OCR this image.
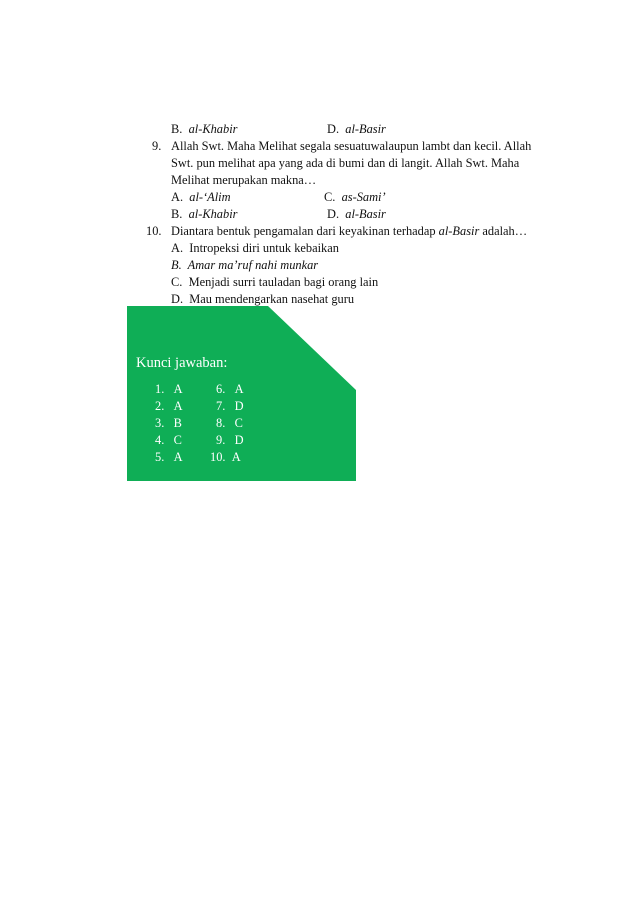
B. al-Khabir	D. al-Basir
9. Allah Swt. Maha Melihat segala sesuatuwalaupun lambt dan kecil. Allah
Swt. pun melihat apa yang ada di bumi dan di langit. Allah Swt. Maha
Melihat merupakan makna…
A. al-‘Alim	C. as-Sami’
B. al-Khabir	D. al-Basir
10. Diantara bentuk pengamalan dari keyakinan terhadap al-Basir adalah…
A. Intropeksi diri untuk kebaikan
B. Amar ma’ruf nahi munkar
C. Menjadi surri tauladan bagi orang lain
D. Mau mendengarkan nasehat guru
Kunci jawaban:
1. A
2. A
3. B
4. C
5. A
6. A
7. D
8. C
9. D
10. A
